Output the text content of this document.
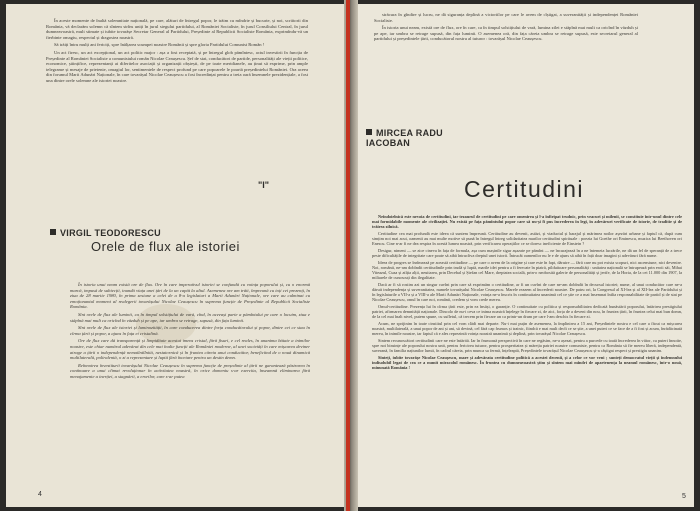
În aceste momente de înaltă solemnitate națională, pe care, alături de întregul popor, le trăim cu mîndrie și bucurie, și noi, scriitorii din România, vă declarăm solemn că sîntem strîns uniți în jurul stegului partidului, al României Socialiste, în jurul Consiliului Central, în jurul dumneavoastră, mult stimate și iubite tovarășe Secretar General al Partidului, Președinte al Republicii Socialiste România, exprimîndu-vă un fierbinte omagiu, respectul și dragostea noastră.

Să trăiți întru mulți ani fericiți, spre înălțarea scumpei noastre Românii și spre gloria Partidului Comunist Român !

Un act firesc, un act excepțional, un act politic major : așa a fost receptată, și pe întregul glob pămîntesc, actul investirii în funcția de Președinte al României Socialiste a comunistului român Nicolae Ceaușescu. Șef de stat, conducători de partide, personalități ale vieții politice, economice, științifice, reprezentanți ai diferitelor asociații și organizații obștești, de pe toate meridianele, au ținut să exprime, prin ample telegrame și mesaje de prietenie, omagiul lor, sentimentele de respect profund pe care popoarele le poartă președintelui României. Ora aceea din forumul Marii Adunări Naționale, în care tovarășul Nicolae Ceaușescu a fost încredințat pentru a treia oară însemnele prezidențiale, a fost una dintre orele solemne ale istoriei noastre.

"I"
VIRGIL TEODORESCU
Orele de flux ale istoriei

În istoria unui neam există ore de flux. Ore în care imperativul istoriei se confundă cu voința poporului și, cu o enormă marcă, impusă de subiecții, inundă viața unei țări de la un capăt la altul. Asemenea ore am trăit, împreună cu toți cei prezenți, în ziua de 28 martie 1980, în prima sesiune a celei de a 8-a legislaturi a Marii Adunări Naționale, ore care au culminat cu emoționantul moment al realegerii tovarășului Nicolae Ceaușescu în suprema funcție de Președinte al Republicii Socialiste România.

Sînt orele de flux ale luminii, ca în timpul solstițiului de vară, cînd, în aceeași parte a pămîntului pe care o locuim, ziua e stăpînă mai mult ca oricînd în văzduh și pe ape, iar umbra se retrage, supusă, din fața luminii.

Sînt orele de flux ale istoriei și luminozității, în care conducerea dintre forța conducătorului și popor, dintre cei ce stau în cîrma țării și popor, a ajuns în fața ei cristalină.

Ore de flux care dă transparență și limpiditate acestui imens cristal, fără fisuri, e cel reales, în unanima bătaie a inimilor noastre, este chiar numărul adevărat din cele mai înalte funcții ale României moderne, al unei societăți în care mișcarea deviner atrage a țării o independență nemaiîntîlnită, nestatornică și în fruntea căreia unui conducător, beneficiind de o nouă dinamică multilaterală, poliralentă, o zi a reprezentare și luptă fără încetare pentru un destin demn.

Reînnoirea învestiturii tovarășului Nicolae Ceaușescu în suprema funcție de președinte al țării ne garantează păstrarea în continuare a unui climat revoluționar în activitatea noastră, în orice domeniu s-ar exercita, înseamnă eliminarea fără menajamente a inerției, a stagnării, a erorilor, care s-ar putea

4

străcura în gîndire și lucru, ne dă siguranța deplină a victoriilor pe care le avem de cîștigat, a suveranității și independenței României Socialiste.

În istoria unui neam, există ore de flux, ore în care, ca în timpul solstițiului de vară, lumina zilei e stăpînă mai mult ca oricînd în văzduh și pe ape, iar umbra se retrage supusă, din fața luminii. O asemenea oră, din fața căreia umbra se retrage supusă, este secretarul general al partidului și președintele țării, conducătorul nostru al tuturor : tovarășul Nicolae Ceaușescu.

MIRCEA RADU IACOBAN
Certitudini

Neîndoielnică este nevoia de certitudini, iar tezaurul de certitudini pe care omenirea și l-a înfiripat trudnic, prin veacuri și milenii, se constituie într-unul dintre cele mai formidabile momente ale civilizației. Nu există pe fața pămîntului popor care să nu-și fi pus încrederea în legi, în adevăruri verificate de istorie, de traditie și de trăirea zilnică.

Certitudine cea mai profundă este ideea că suntem împreună. Certitudine au devenit, astăzi, și viaductul și barajul și mărimea noilor așezări urbane și faptul că, după cum simțim noi mai acut, oamenii au mai multe motive să pună în întregul întreg solidaritatea marilor certitudini spirituale : poezia lui Goethe ori Eminescu, muzica lui Beethoven ori Enescu. Cine n-ar fi ne dea respira în acestă lumea noastră, prin verificarea operațiilor ce se doresc ineficiente de Einstein ?

Desigur, nimeni — se zice cineva în fața de formula, așa cum mașinile sigur așazate pe pămînt — ne încurajează în a ne întemeia lucrările, ne dă un fel de speranță de a trece peste dificultățile de integritate care poate să aibă întrucîtva dreptul unei istorii. Întrucât oamenilor nu le e de ajuns să aibă în față doar imagini și adevăruri fără nume.

Ideea de progres se înrîmează pe această certitudine — pe care o avem de la origine și care este în fapt, dăruire — fără care nu pot exista scopuri, nici ascensiune, nici devenire. Noi, românii, ne-am dobîndit certitudinile prin trudă și luptă, marile idei pentru a fi ferecate în piatră, pilduitoare personalități : unitatea națională se întrupează prin eroii săi, Mihai Viteazul, Cuza și atîția alții, neuitarea, prin Decebal și Ștefan cel Mare, dreptatea socială, prin-o neobosită galerie de personalități și jertfe, de la Horia, de la cei 11.000 din 1907, la miliarele de cunoscuți din ilegalitate.

Dacă ar fi să rostim azi un singur cuvînt prin care să exprimăm o certitudine, ar fi un cuvînt de care ne-am dobîndit în decursul istoriei; nume, al unui conducător care ne-a dăruit independența și suveranitatea, numele tovarășului Nicolae Ceaușescu. Marele reazem al încrederii noastre. De patru ori, la Congresul al XI-lea și al XII-lea ale Partidului și în legislaturile a VII-a și a VIII-a ale Marii Adunări Naționale, voința ne-a înscris în continuitatea unanimă cel ce știe ce a mai însemnat întîia responsabilitate de partid și de stat pe Nicolae Ceaușescu, omul în care noi, românii, credem și vom crede mereu.

Omul-certitudine. Prezența lui în cîrma țării este, prin ea însăși, o garanție. O continuitate cu politica și responsabilitatea dedicată bunăstării poporului, întărirea prestigiului patriei, afirmarea demnității naționale. Dincolo de nu-i ceva ce inima noastră înțelege în fiecare zi, de aici, forța de a deveni din nou, în fruntea țării, în fruntea celui mai bun domn, de la cel mai înalt nivel, putem spune, cu sufletul, că trecem prin fiecare an ca printr-un drum pe care l-am deschis în fiecare zi.

Acum, ne sprijinim în toate cinstitul prin cel vom clădi mai departe. Nu-i mai puțin de asemenea, la împlinirea a 15 ani, Președintele nostru e cel care a făcut ca mișcarea noastră, multilaterală, a unui popor de ani și ani, să devină, cel fără cap frumos și trainic, fiindcă e mai mult decît ce se știe, a unei puteri ce se face de a fi fost și acum, înrădăcinată mereu, în inimile noastre, iar faptul că e ales reprezintă voința noastră unanimă și deplină, prin tovarășul Nicolae Ceaușescu.

Sintem recunoscători certitudinii care ne este întărită. Iar în frumoasă perspectivă în care ne regăsim, ne-a așezat, pentru a purcede cu toată încrederea în viitor, cu puteri înnoite, spre noi biruințe ale poporului nostru unit, pentru fericirea tuturor, pentru prosperitatea și măreția patriei noastre comuniste, pentru ca România să fie mereu liberă, independentă, suverană, în familia națiunilor lumii, în cadrul căreia, prin munca sa fermă, înțeleaptă, Președintele tovarășul Nicolae Ceaușescu și-a câștigat respect și prestigiu unanim.

Sînteți, iubite tovarășe Nicolae Ceaușescu, mare și adevărata certitudine politică a acestei decenii, și a celor ce vor veni ; sunteți democratul vieții și îndemnului indisolubil legat de cea ce a numit miracolul românesc. În fruntea cu dumneavoastră știm și sîntem mai mîndri de apartenența la neamul românesc, într-o nouă, minunată România !

5
